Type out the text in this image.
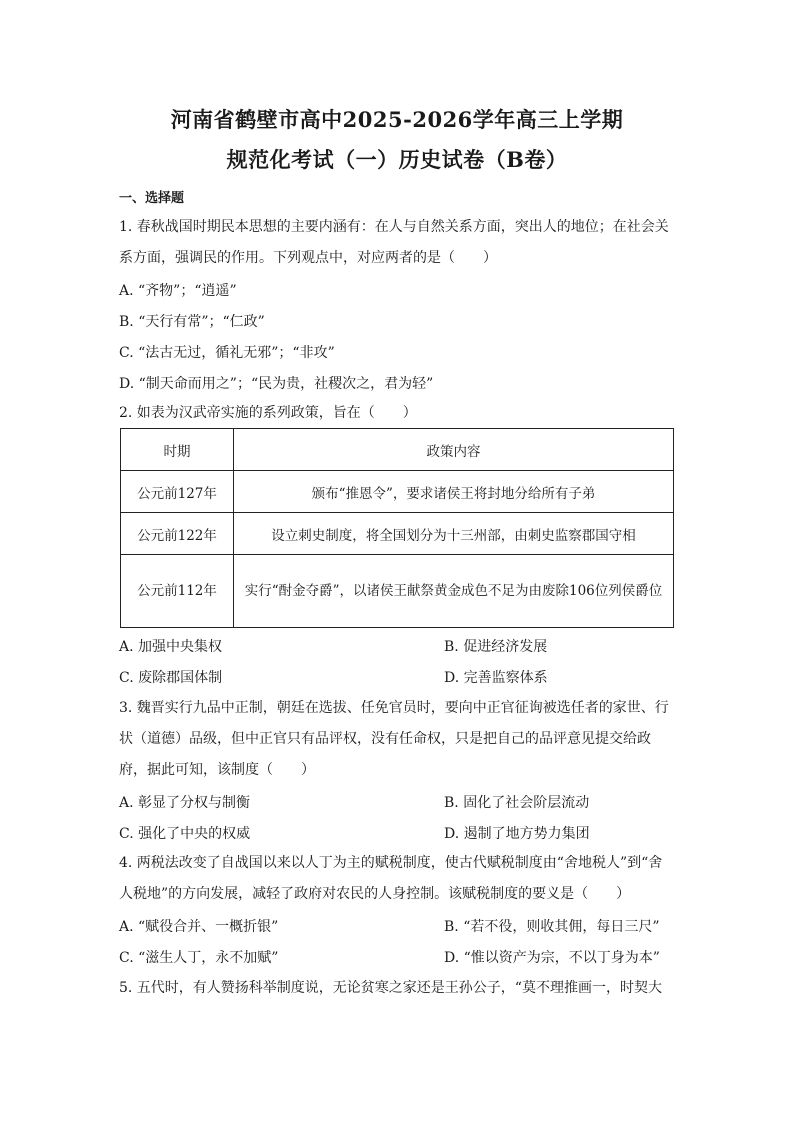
河南省鹤壁市高中2025-2026学年高三上学期
规范化考试（一）历史试卷（B卷）
一、选择题
1. 春秋战国时期民本思想的主要内涵有：在人与自然关系方面，突出人的地位；在社会关系方面，强调民的作用。下列观点中，对应两者的是（　　）
A. “齐物”；“逍遥”
B. “天行有常”；“仁政”
C. “法古无过，循礼无邪”；“非攻”
D. “制天命而用之”；“民为贵，社稷次之，君为轻”
2. 如表为汉武帝实施的系列政策，旨在（　　）
时期	政策内容
公元前127年	颁布“推恩令”，要求诸侯王将封地分给所有子弟
公元前122年	设立刺史制度，将全国划分为十三州部，由刺史监察郡国守相
公元前112年	实行“酎金夺爵”，以诸侯王献祭黄金成色不足为由废除106位列侯爵位
A. 加强中央集权	B. 促进经济发展
C. 废除郡国体制	D. 完善监察体系
3. 魏晋实行九品中正制，朝廷在选拔、任免官员时，要向中正官征询被选任者的家世、行状（道德）品级，但中正官只有品评权，没有任命权，只是把自己的品评意见提交给政府，据此可知，该制度（　　）
A. 彰显了分权与制衡	B. 固化了社会阶层流动
C. 强化了中央的权威	D. 遏制了地方势力集团
4. 两税法改变了自战国以来以人丁为主的赋税制度，使古代赋税制度由“舍地税人”到“舍人税地”的方向发展，减轻了政府对农民的人身控制。该赋税制度的要义是（　　）
A. “赋役合并、一概折银”	B. “若不役，则收其佣，每日三尺”
C. “滋生人丁，永不加赋”	D. “惟以资产为宗，不以丁身为本”
5. 五代时，有人赞扬科举制度说，无论贫寒之家还是王孙公子，“莫不理推画一，时契大
